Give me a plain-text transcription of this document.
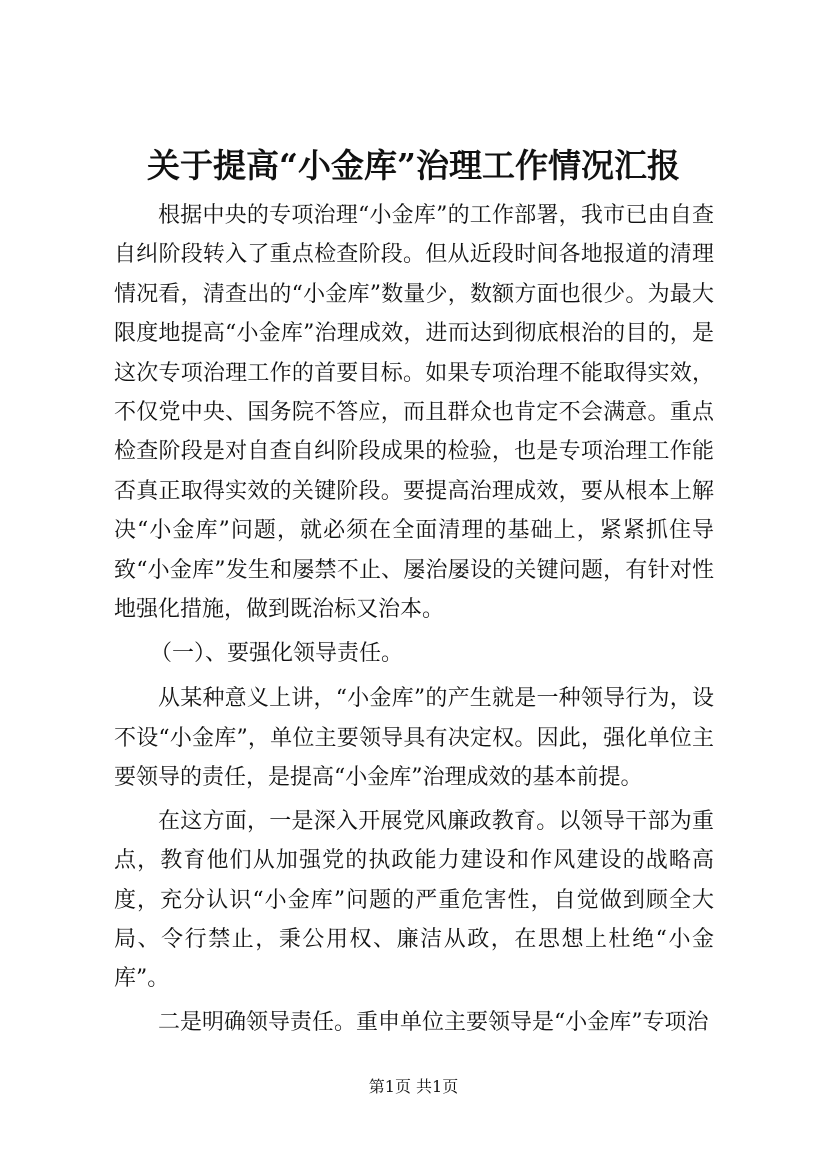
关于提高“小金库”治理工作情况汇报

根据中央的专项治理“小金库”的工作部署，我市已由自查自纠阶段转入了重点检查阶段。但从近段时间各地报道的清理情况看，清查出的“小金库”数量少，数额方面也很少。为最大限度地提高“小金库”治理成效，进而达到彻底根治的目的，是这次专项治理工作的首要目标。如果专项治理不能取得实效，不仅党中央、国务院不答应，而且群众也肯定不会满意。重点检查阶段是对自查自纠阶段成果的检验，也是专项治理工作能否真正取得实效的关键阶段。要提高治理成效，要从根本上解决“小金库”问题，就必须在全面清理的基础上，紧紧抓住导致“小金库”发生和屡禁不止、屡治屡设的关键问题，有针对性地强化措施，做到既治标又治本。

（一）、要强化领导责任。

从某种意义上讲，“小金库”的产生就是一种领导行为，设不设“小金库”，单位主要领导具有决定权。因此，强化单位主要领导的责任，是提高“小金库”治理成效的基本前提。

在这方面，一是深入开展党风廉政教育。以领导干部为重点，教育他们从加强党的执政能力建设和作风建设的战略高度，充分认识“小金库”问题的严重危害性，自觉做到顾全大局、令行禁止，秉公用权、廉洁从政，在思想上杜绝“小金库”。

二是明确领导责任。重申单位主要领导是“小金库”专项治

第1页 共1页
